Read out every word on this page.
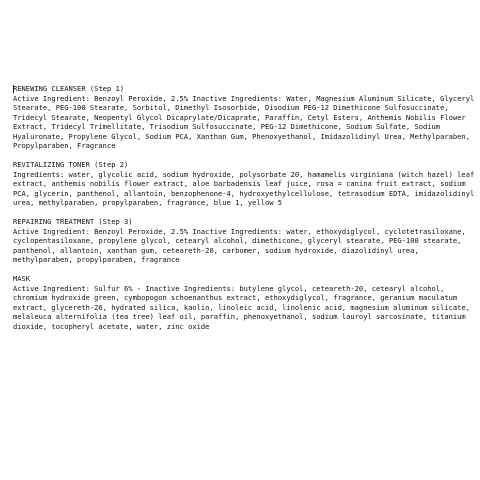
RENEWING CLEANSER (Step 1)
Active Ingredient: Benzoyl Peroxide, 2.5% Inactive Ingredients: Water, Magnesium Aluminum Silicate, Glyceryl Stearate, PEG-100 Stearate, Sorbitol, Dimethyl Isosorbide, Disodium PEG-12 Dimethicone Sulfosuccinate, Tridecyl Stearate, Neopentyl Glycol Dicaprylate/Dicaprate, Paraffin, Cetyl Esters, Anthemis Nobilis Flower Extract, Tridecyl Trimellitate, Trisodium Sulfosuccinate, PEG-12 Dimethicone, Sodium Sulfate, Sodium Hyaluronate, Propylene Glycol, Sodium PCA, Xanthan Gum, Phenoxyethanol, Imidazolidinyl Urea, Methylparaben, Propylparaben, Fragrance
REVITALIZING TONER (Step 2)
Ingredients: water, glycolic acid, sodium hydroxide, polysorbate 20, hamamelis virginiana (witch hazel) leaf extract, anthemis nobilis flower extract, aloe barbadensis leaf juice, rosa = canina fruit extract, sodium PCA, glycerin, panthenol, allantoin, benzophenone-4, hydroxyethylcellulose, tetrasodium EDTA, imidazolidinyl urea, methylparaben, propylparaben, fragrance, blue 1, yellow 5
REPAIRING TREATMENT (Step 3)
Active Ingredient: Benzoyl Peroxide, 2.5% Inactive Ingredients: water, ethoxydiglycol, cyclotetrasiloxane, cyclopentasiloxane, propylene glycol, cetearyl alcohol, dimethicone, glyceryl stearate, PEG-100 stearate, panthenol, allantoin, xanthan gum, ceteareth-20, carbomer, sodium hydroxide, diazolidinyl urea, methylparaben, propylparaben, fragrance
MASK
Active Ingredient: Sulfur 6% - Inactive Ingredients: butylene glycol, ceteareth-20, cetearyl alcohol, chromium hydroxide green, cymbopogon schoenanthus extract, ethoxydiglycol, fragrance, geranium maculatum extract, glycereth-26, hydrated silica, kaolin, linoleic acid, linolenic acid, magnesium aluminum silicate, melaleuca alternifolia (tea tree) leaf oil, paraffin, phenoxyethanol, sodium lauroyl sarcosinate, titanium dioxide, tocopheryl acetate, water, zinc oxide
